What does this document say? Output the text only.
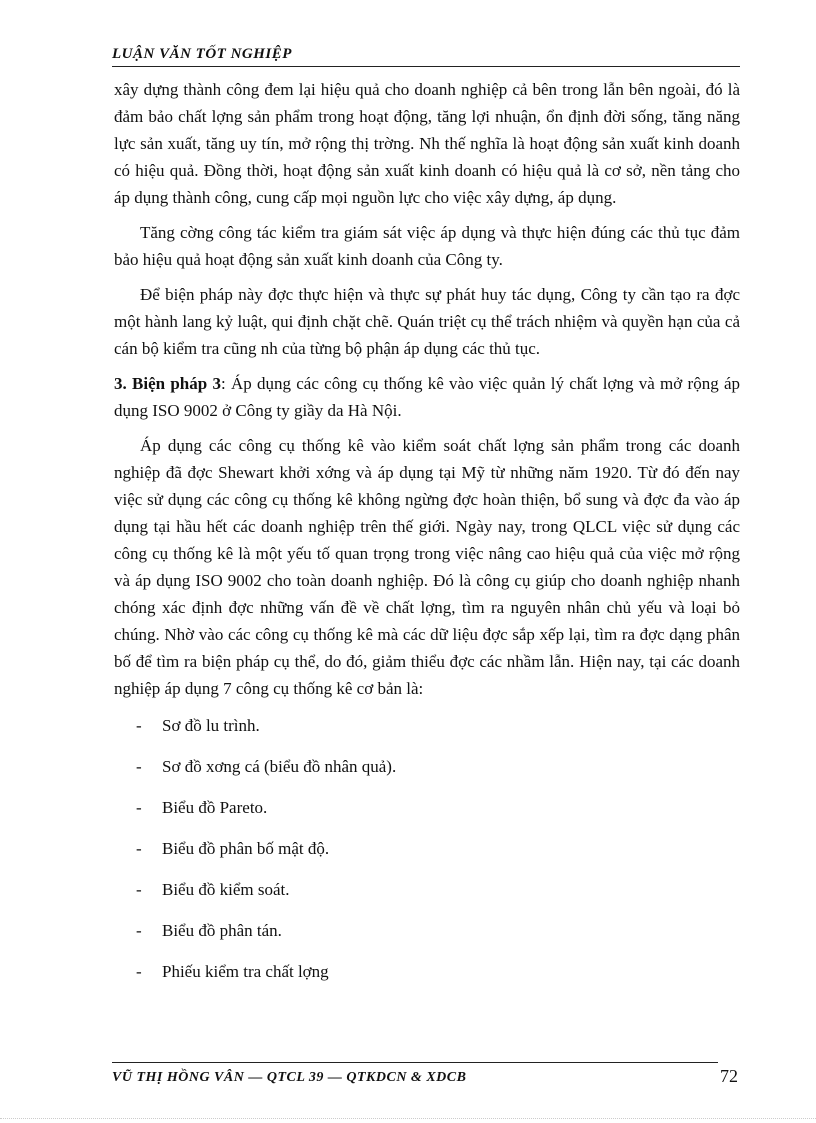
LUẬN VĂN TỐT NGHIỆP

xây dựng thành công đem lại hiệu quả cho doanh nghiệp cả bên trong lẫn bên ngoài, đó là đảm bảo chất lợng sản phẩm trong hoạt động, tăng lợi nhuận, ổn định đời sống, tăng năng lực sản xuất, tăng uy tín, mở rộng thị trờng. Nh thế nghĩa là hoạt động sản xuất kinh doanh có hiệu quả. Đồng thời, hoạt động sản xuất kinh doanh có hiệu quả là cơ sở, nền tảng cho áp dụng thành công, cung cấp mọi nguồn lực cho việc xây dựng, áp dụng.

Tăng cờng công tác kiểm tra giám sát việc áp dụng và thực hiện đúng các thủ tục đảm bảo hiệu quả hoạt động sản xuất kinh doanh của Công ty.

Để biện pháp này đợc thực hiện và thực sự phát huy tác dụng, Công ty cần tạo ra đợc một hành lang kỷ luật, qui định chặt chẽ. Quán triệt cụ thể trách nhiệm và quyền hạn của cả cán bộ kiểm tra cũng nh của từng bộ phận áp dụng các thủ tục.

3. Biện pháp 3: Áp dụng các công cụ thống kê vào việc quản lý chất lợng và mở rộng áp dụng ISO 9002 ở Công ty giầy da Hà Nội.

Áp dụng các công cụ thống kê vào kiểm soát chất lợng sản phẩm trong các doanh nghiệp đã đợc Shewart khởi xớng và áp dụng tại Mỹ từ những năm 1920. Từ đó đến nay việc sử dụng các công cụ thống kê không ngừng đợc hoàn thiện, bổ sung và đợc đa vào áp dụng tại hầu hết các doanh nghiệp trên thế giới. Ngày nay, trong QLCL việc sử dụng các công cụ thống kê là một yếu tố quan trọng trong việc nâng cao hiệu quả của việc mở rộng và áp dụng ISO 9002 cho toàn doanh nghiệp. Đó là công cụ giúp cho doanh nghiệp nhanh chóng xác định đợc những vấn đề về chất lợng, tìm ra nguyên nhân chủ yếu và loại bỏ chúng. Nhờ vào các công cụ thống kê mà các dữ liệu đợc sắp xếp lại, tìm ra đợc dạng phân bố để tìm ra biện pháp cụ thể, do đó, giảm thiểu đợc các nhầm lẫn. Hiện nay, tại các doanh nghiệp áp dụng 7 công cụ thống kê cơ bản là:

- Sơ đồ lu trình.
- Sơ đồ xơng cá (biểu đồ nhân quả).
- Biểu đồ Pareto.
- Biểu đồ phân bố mật độ.
- Biểu đồ kiểm soát.
- Biểu đồ phân tán.
- Phiếu kiểm tra chất lợng
VŨ THỊ HỒNG VÂN — QTCL 39 — QTKDCN & XDCB	72
